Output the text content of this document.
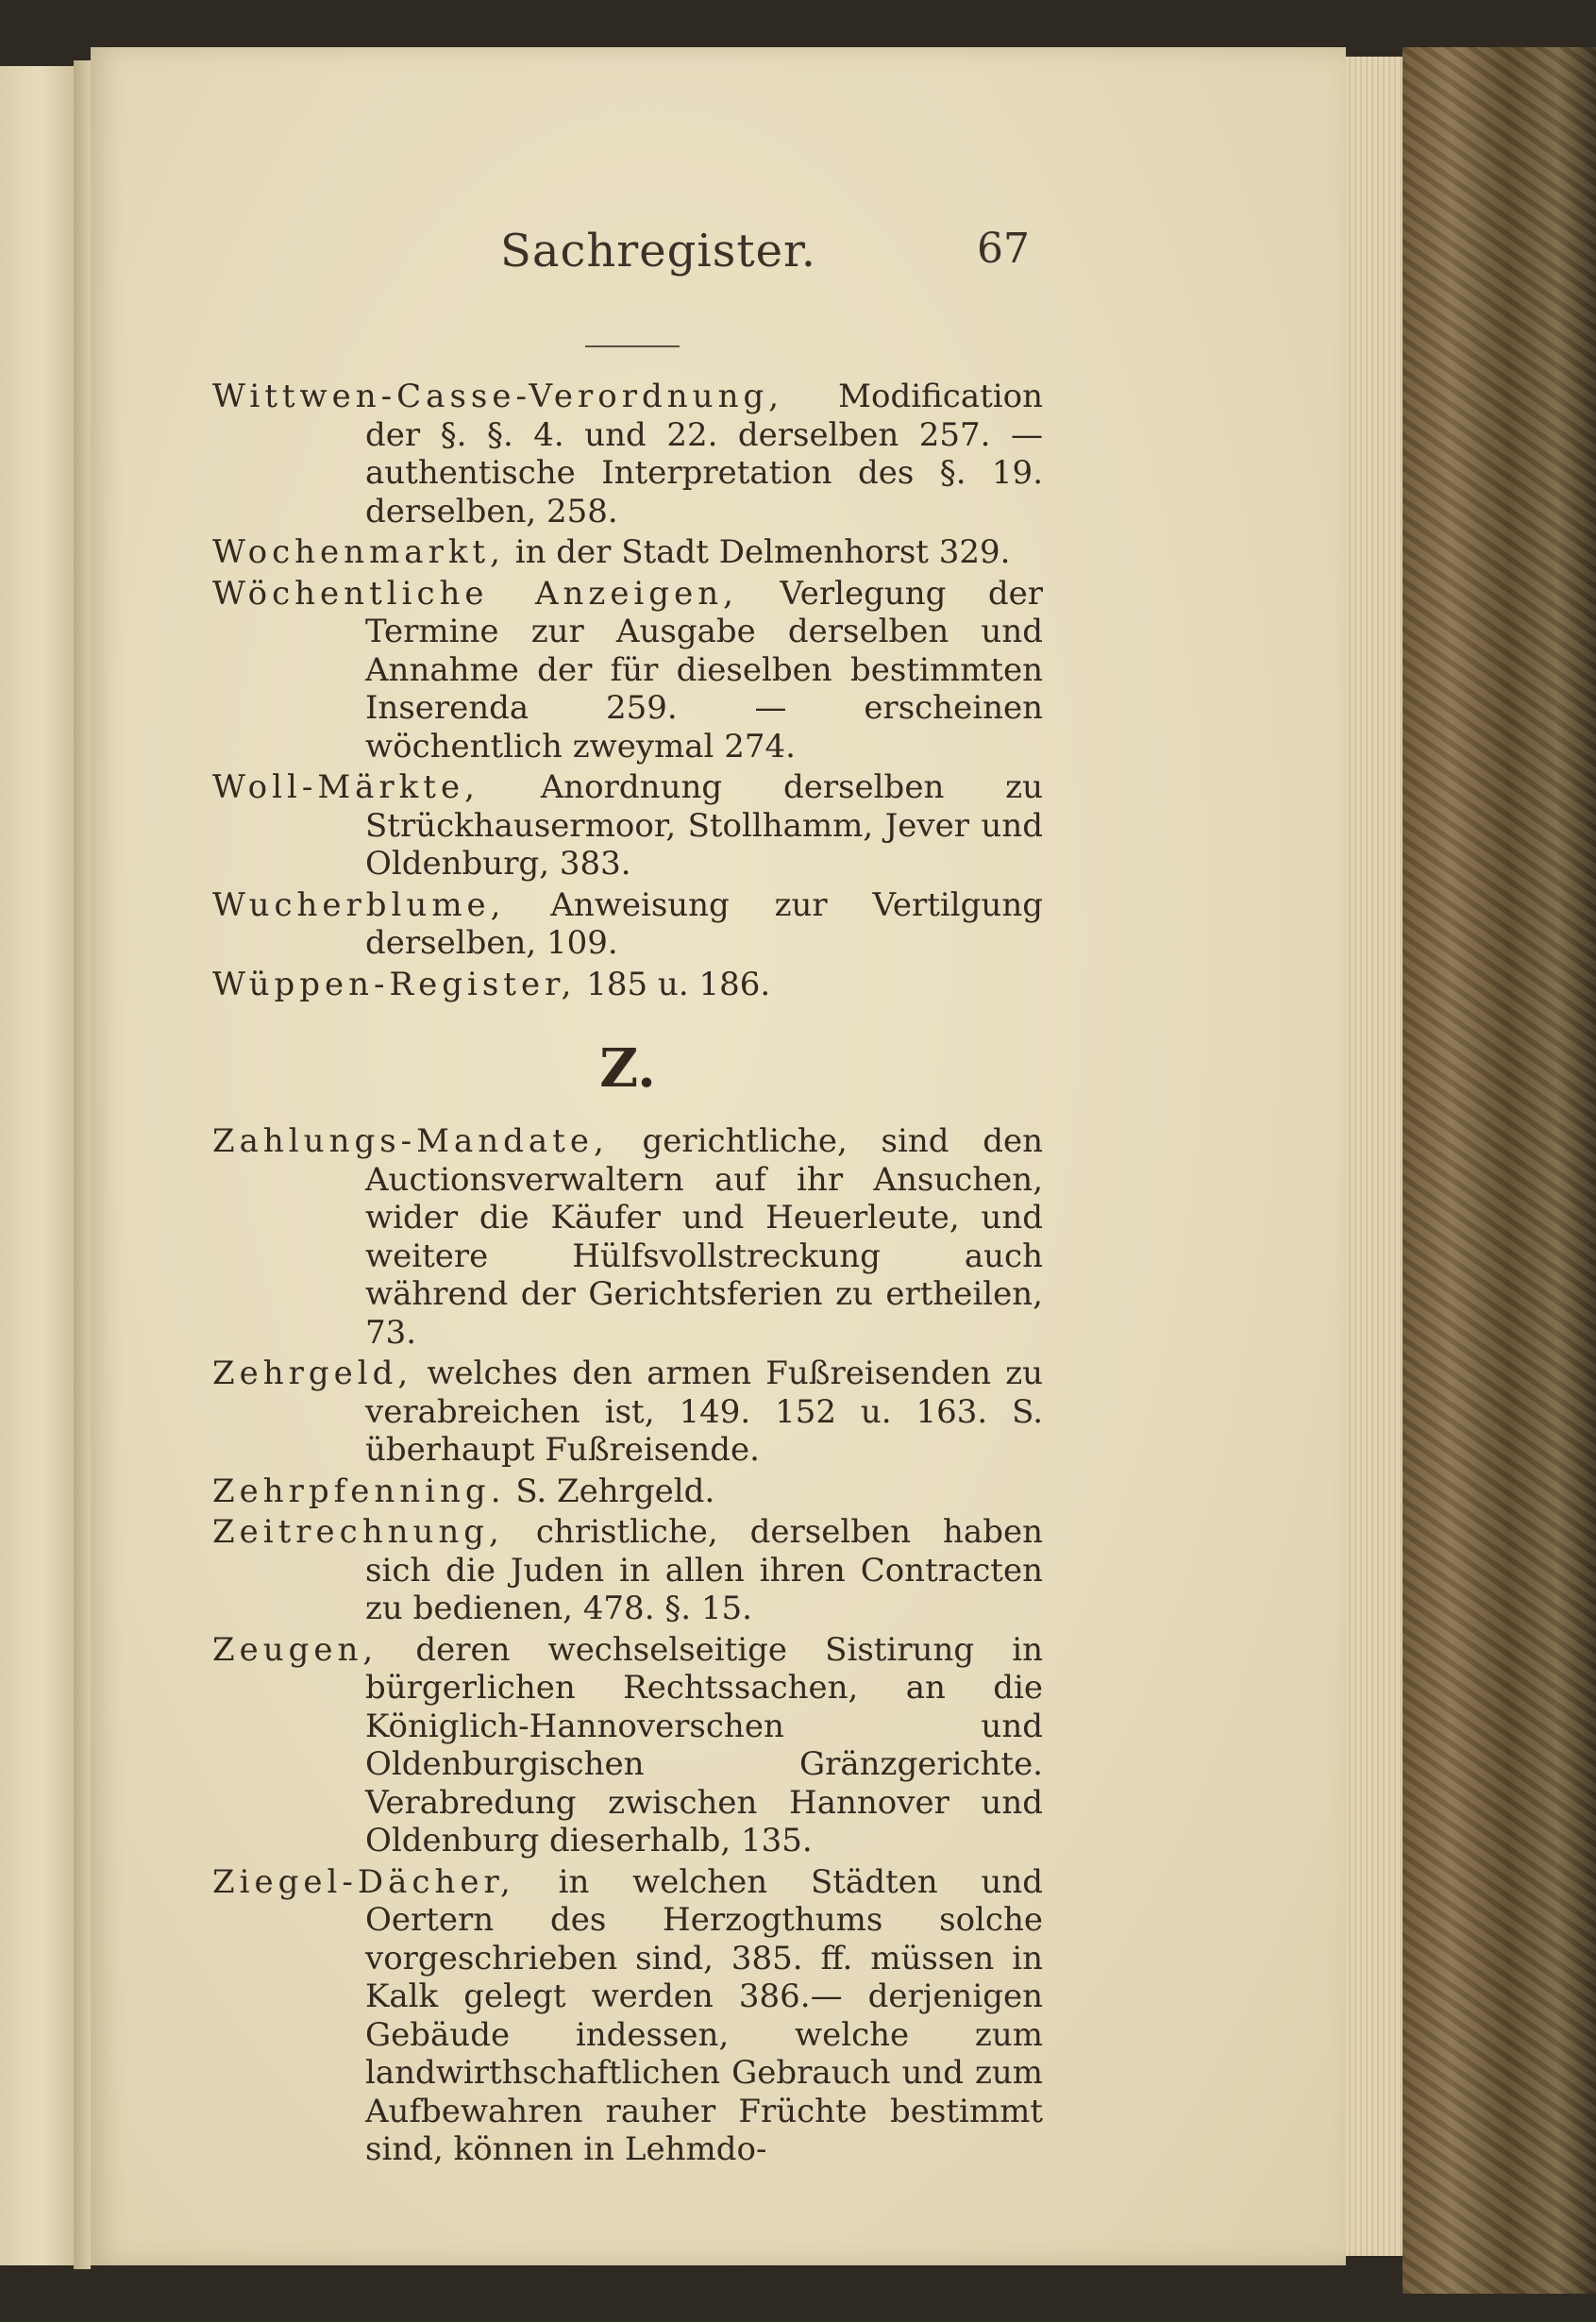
Sachregister.	67
Wittwen-Casse-Verordnung, Modification der §. §. 4. und 22. derselben 257. — authentische Interpretation des §. 19. derselben, 258.
Wochenmarkt, in der Stadt Delmenhorst 329.
Wöchentliche Anzeigen, Verlegung der Termine zur Ausgabe derselben und Annahme der für dieselben bestimmten Inserenda 259. — erscheinen wöchentlich zweymal 274.
Woll-Märkte, Anordnung derselben zu Strückhausermoor, Stollhamm, Jever und Oldenburg, 383.
Wucherblume, Anweisung zur Vertilgung derselben, 109.
Wüppen-Register, 185 u. 186.
Z.
Zahlungs-Mandate, gerichtliche, sind den Auctionsverwaltern auf ihr Ansuchen, wider die Käufer und Heuerleute, und weitere Hülfsvollstreckung auch während der Gerichtsferien zu ertheilen, 73.
Zehrgeld, welches den armen Fußreisenden zu verabreichen ist, 149. 152 u. 163. S. überhaupt Fußreisende.
Zehrpfenning. S. Zehrgeld.
Zeitrechnung, christliche, derselben haben sich die Juden in allen ihren Contracten zu bedienen, 478. §. 15.
Zeugen, deren wechselseitige Sistirung in bürgerlichen Rechtssachen, an die Königlich-Hannoverschen und Oldenburgischen Gränzgerichte. Verabredung zwischen Hannover und Oldenburg dieserhalb, 135.
Ziegel-Dächer, in welchen Städten und Oertern des Herzogthums solche vorgeschrieben sind, 385. ff. müssen in Kalk gelegt werden 386.— derjenigen Gebäude indessen, welche zum landwirthschaftlichen Gebrauch und zum Aufbewahren rauher Früchte bestimmt sind, können in Lehmdo-
